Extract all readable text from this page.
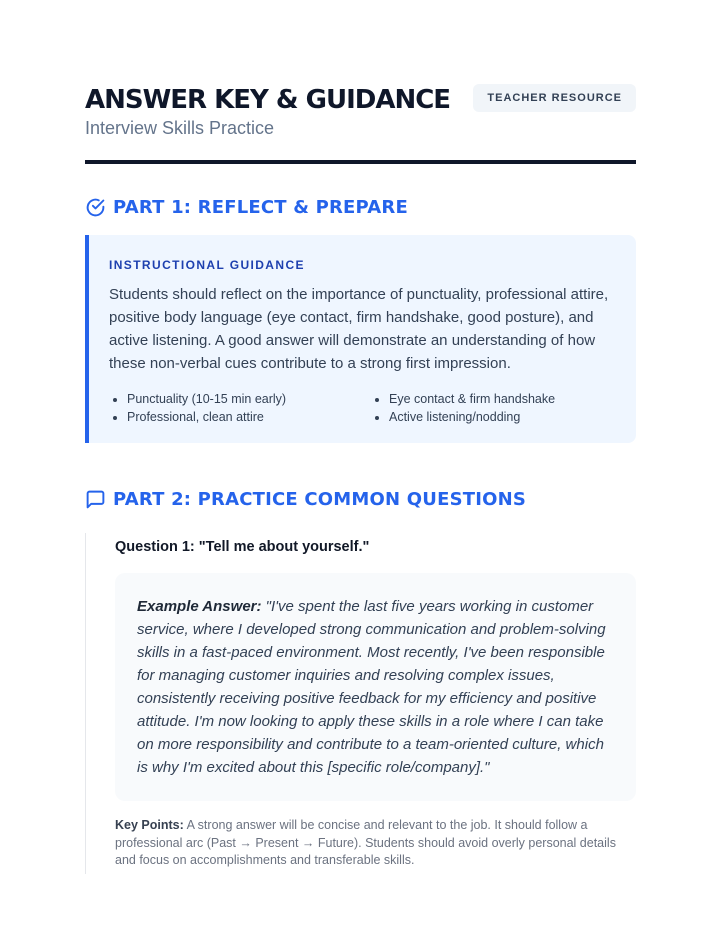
ANSWER KEY & GUIDANCE

Interview Skills Practice

TEACHER RESOURCE
PART 1: REFLECT & PREPARE

INSTRUCTIONAL GUIDANCE

Students should reflect on the importance of punctuality, professional attire, positive body language (eye contact, firm handshake, good posture), and active listening. A good answer will demonstrate an understanding of how these non-verbal cues contribute to a strong first impression.

Punctuality (10-15 min early)	Eye contact & firm handshake
Professional, clean attire	Active listening/nodding
PART 2: PRACTICE COMMON QUESTIONS

Question 1: "Tell me about yourself."

Example Answer: "I've spent the last five years working in customer service, where I developed strong communication and problem-solving skills in a fast-paced environment. Most recently, I've been responsible for managing customer inquiries and resolving complex issues, consistently receiving positive feedback for my efficiency and positive attitude. I'm now looking to apply these skills in a role where I can take on more responsibility and contribute to a team-oriented culture, which is why I'm excited about this [specific role/company]."

Key Points: A strong answer will be concise and relevant to the job. It should follow a professional arc (Past → Present → Future). Students should avoid overly personal details and focus on accomplishments and transferable skills.
